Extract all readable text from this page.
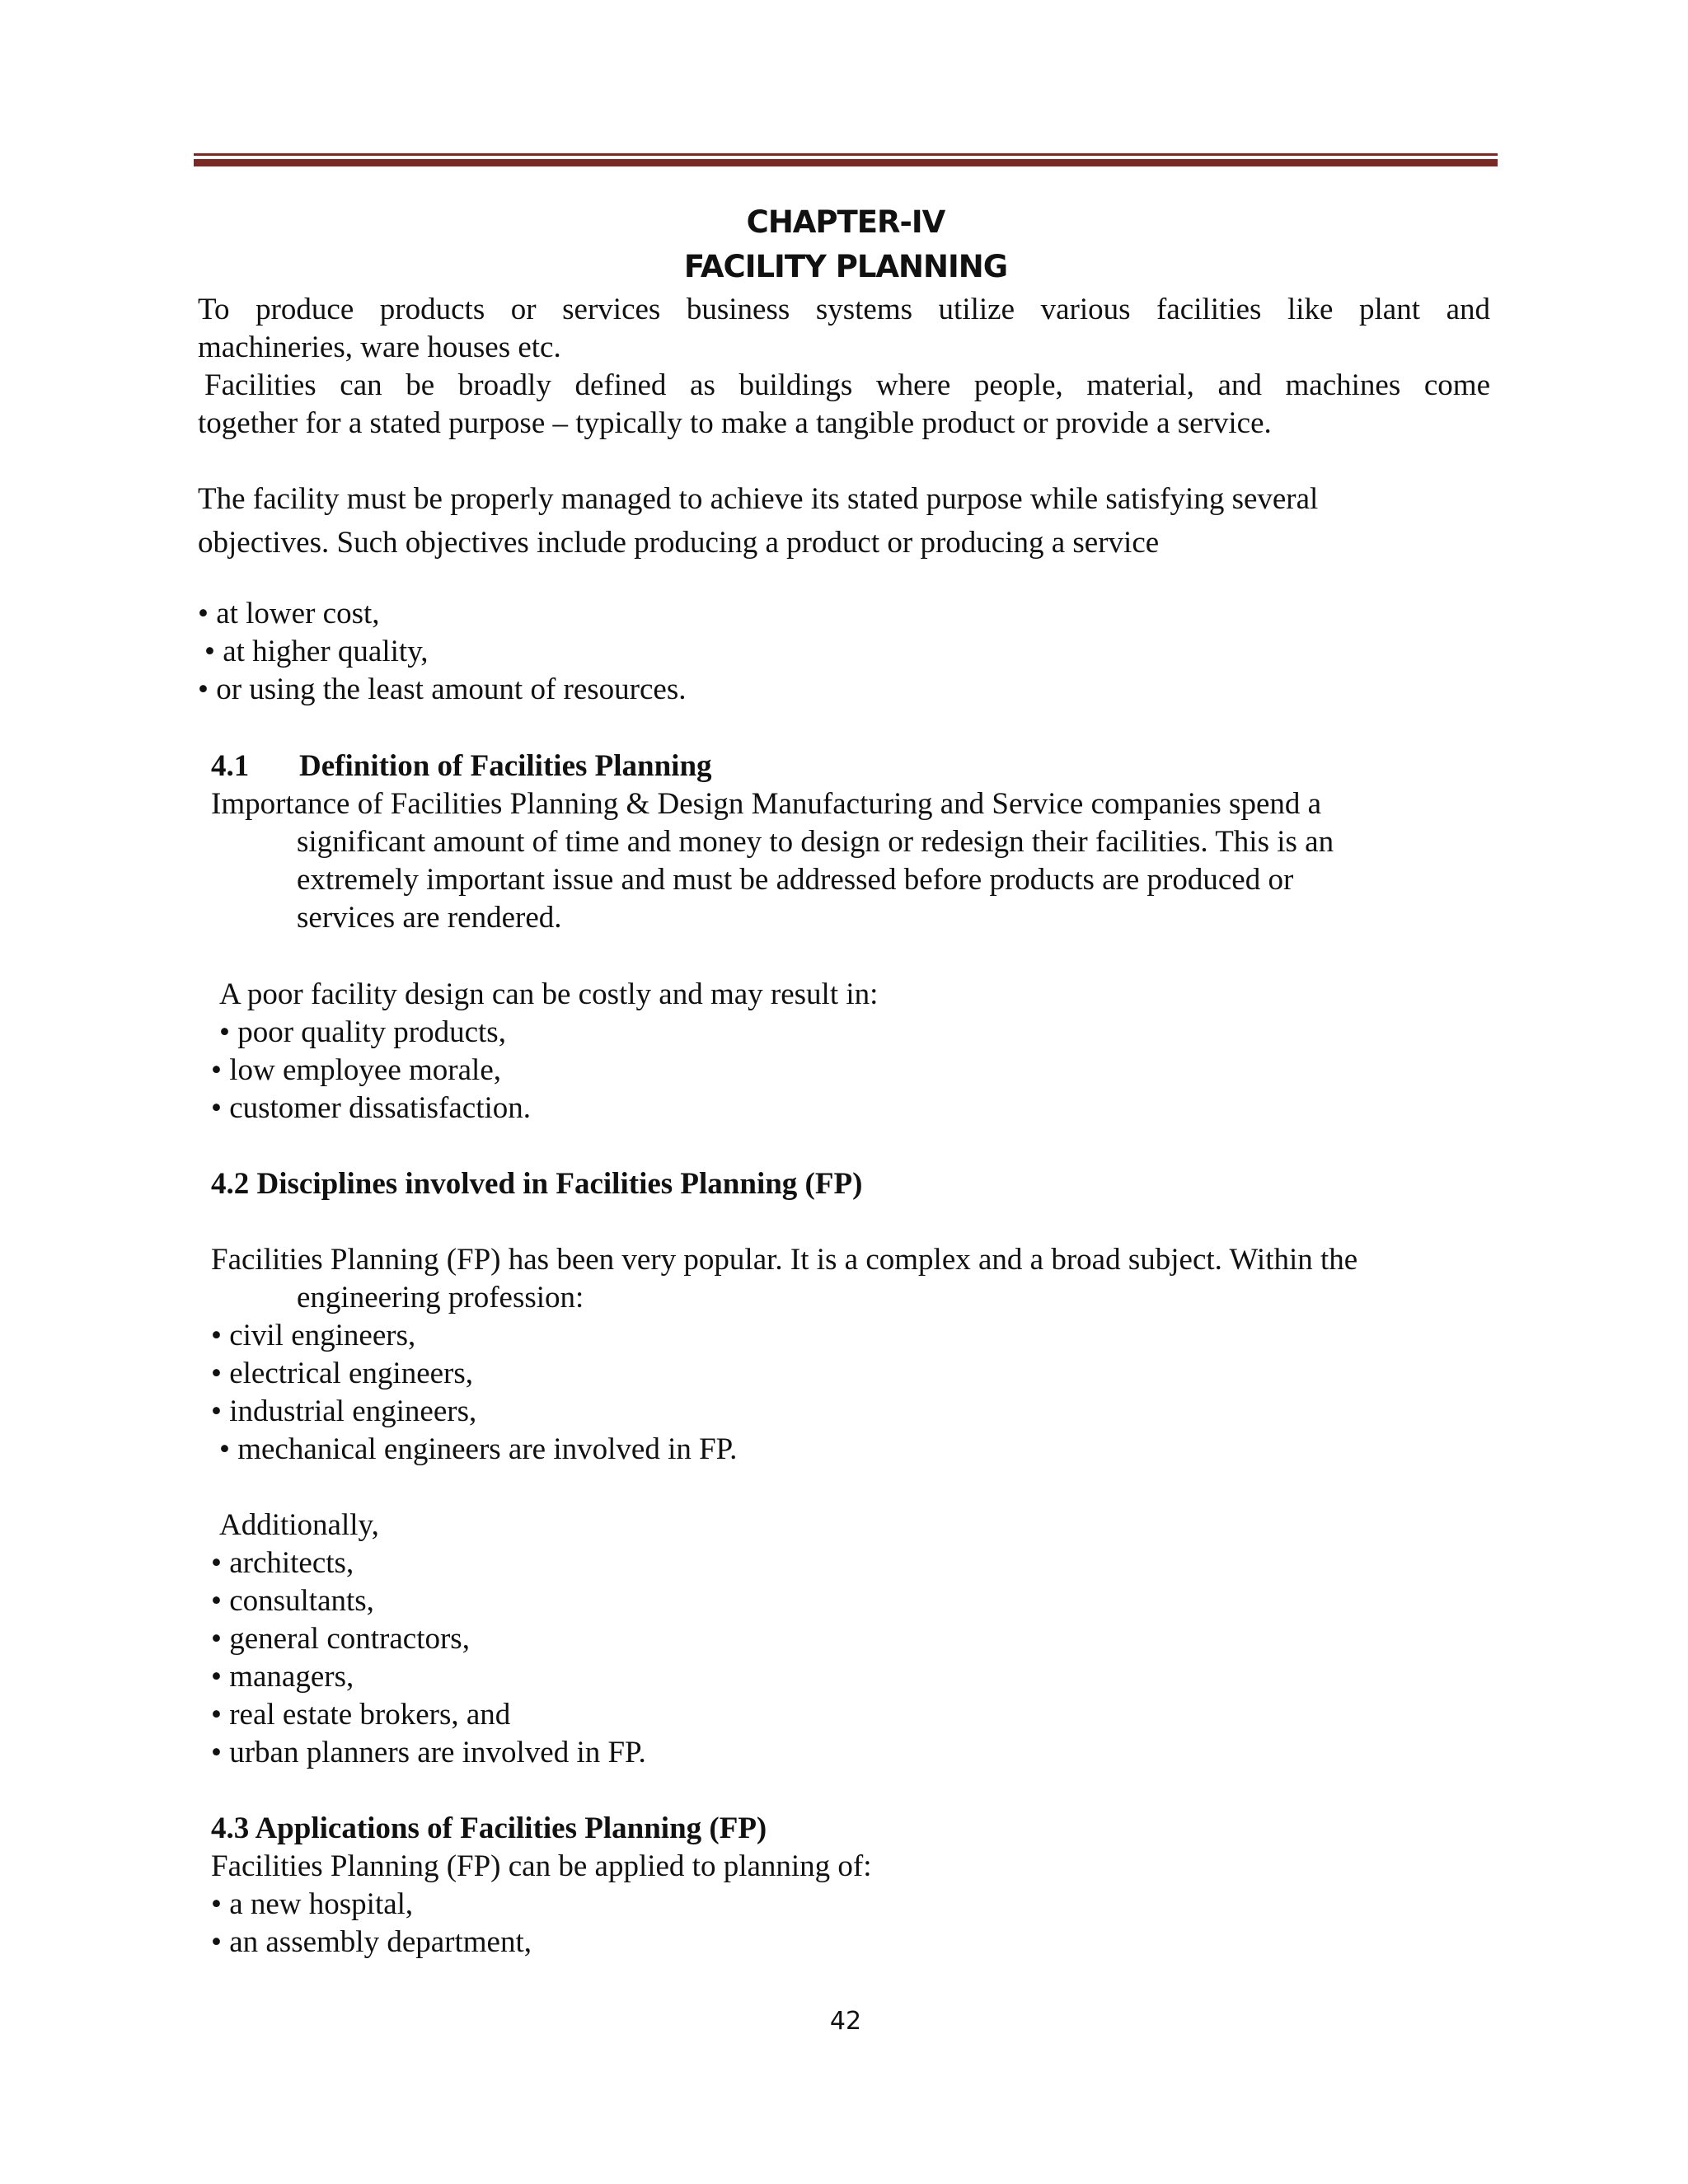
CHAPTER-IV
FACILITY PLANNING
To produce products or services business systems utilize various facilities like plant and
machineries, ware houses etc.
Facilities can be broadly defined as buildings where people, material, and machines come
together for a stated purpose – typically to make a tangible product or provide a service.
The facility must be properly managed to achieve its stated purpose while satisfying several
objectives. Such objectives include producing a product or producing a service
• at lower cost,
• at higher quality,
• or using the least amount of resources.
4.1 Definition of Facilities Planning
Importance of Facilities Planning & Design Manufacturing and Service companies spend a
significant amount of time and money to design or redesign their facilities. This is an
extremely important issue and must be addressed before products are produced or
services are rendered.
A poor facility design can be costly and may result in:
• poor quality products,
• low employee morale,
• customer dissatisfaction.
4.2 Disciplines involved in Facilities Planning (FP)
Facilities Planning (FP) has been very popular. It is a complex and a broad subject. Within the
engineering profession:
• civil engineers,
• electrical engineers,
• industrial engineers,
• mechanical engineers are involved in FP.
Additionally,
• architects,
• consultants,
• general contractors,
• managers,
• real estate brokers, and
• urban planners are involved in FP.
4.3 Applications of Facilities Planning (FP)
Facilities Planning (FP) can be applied to planning of:
• a new hospital,
• an assembly department,
42
